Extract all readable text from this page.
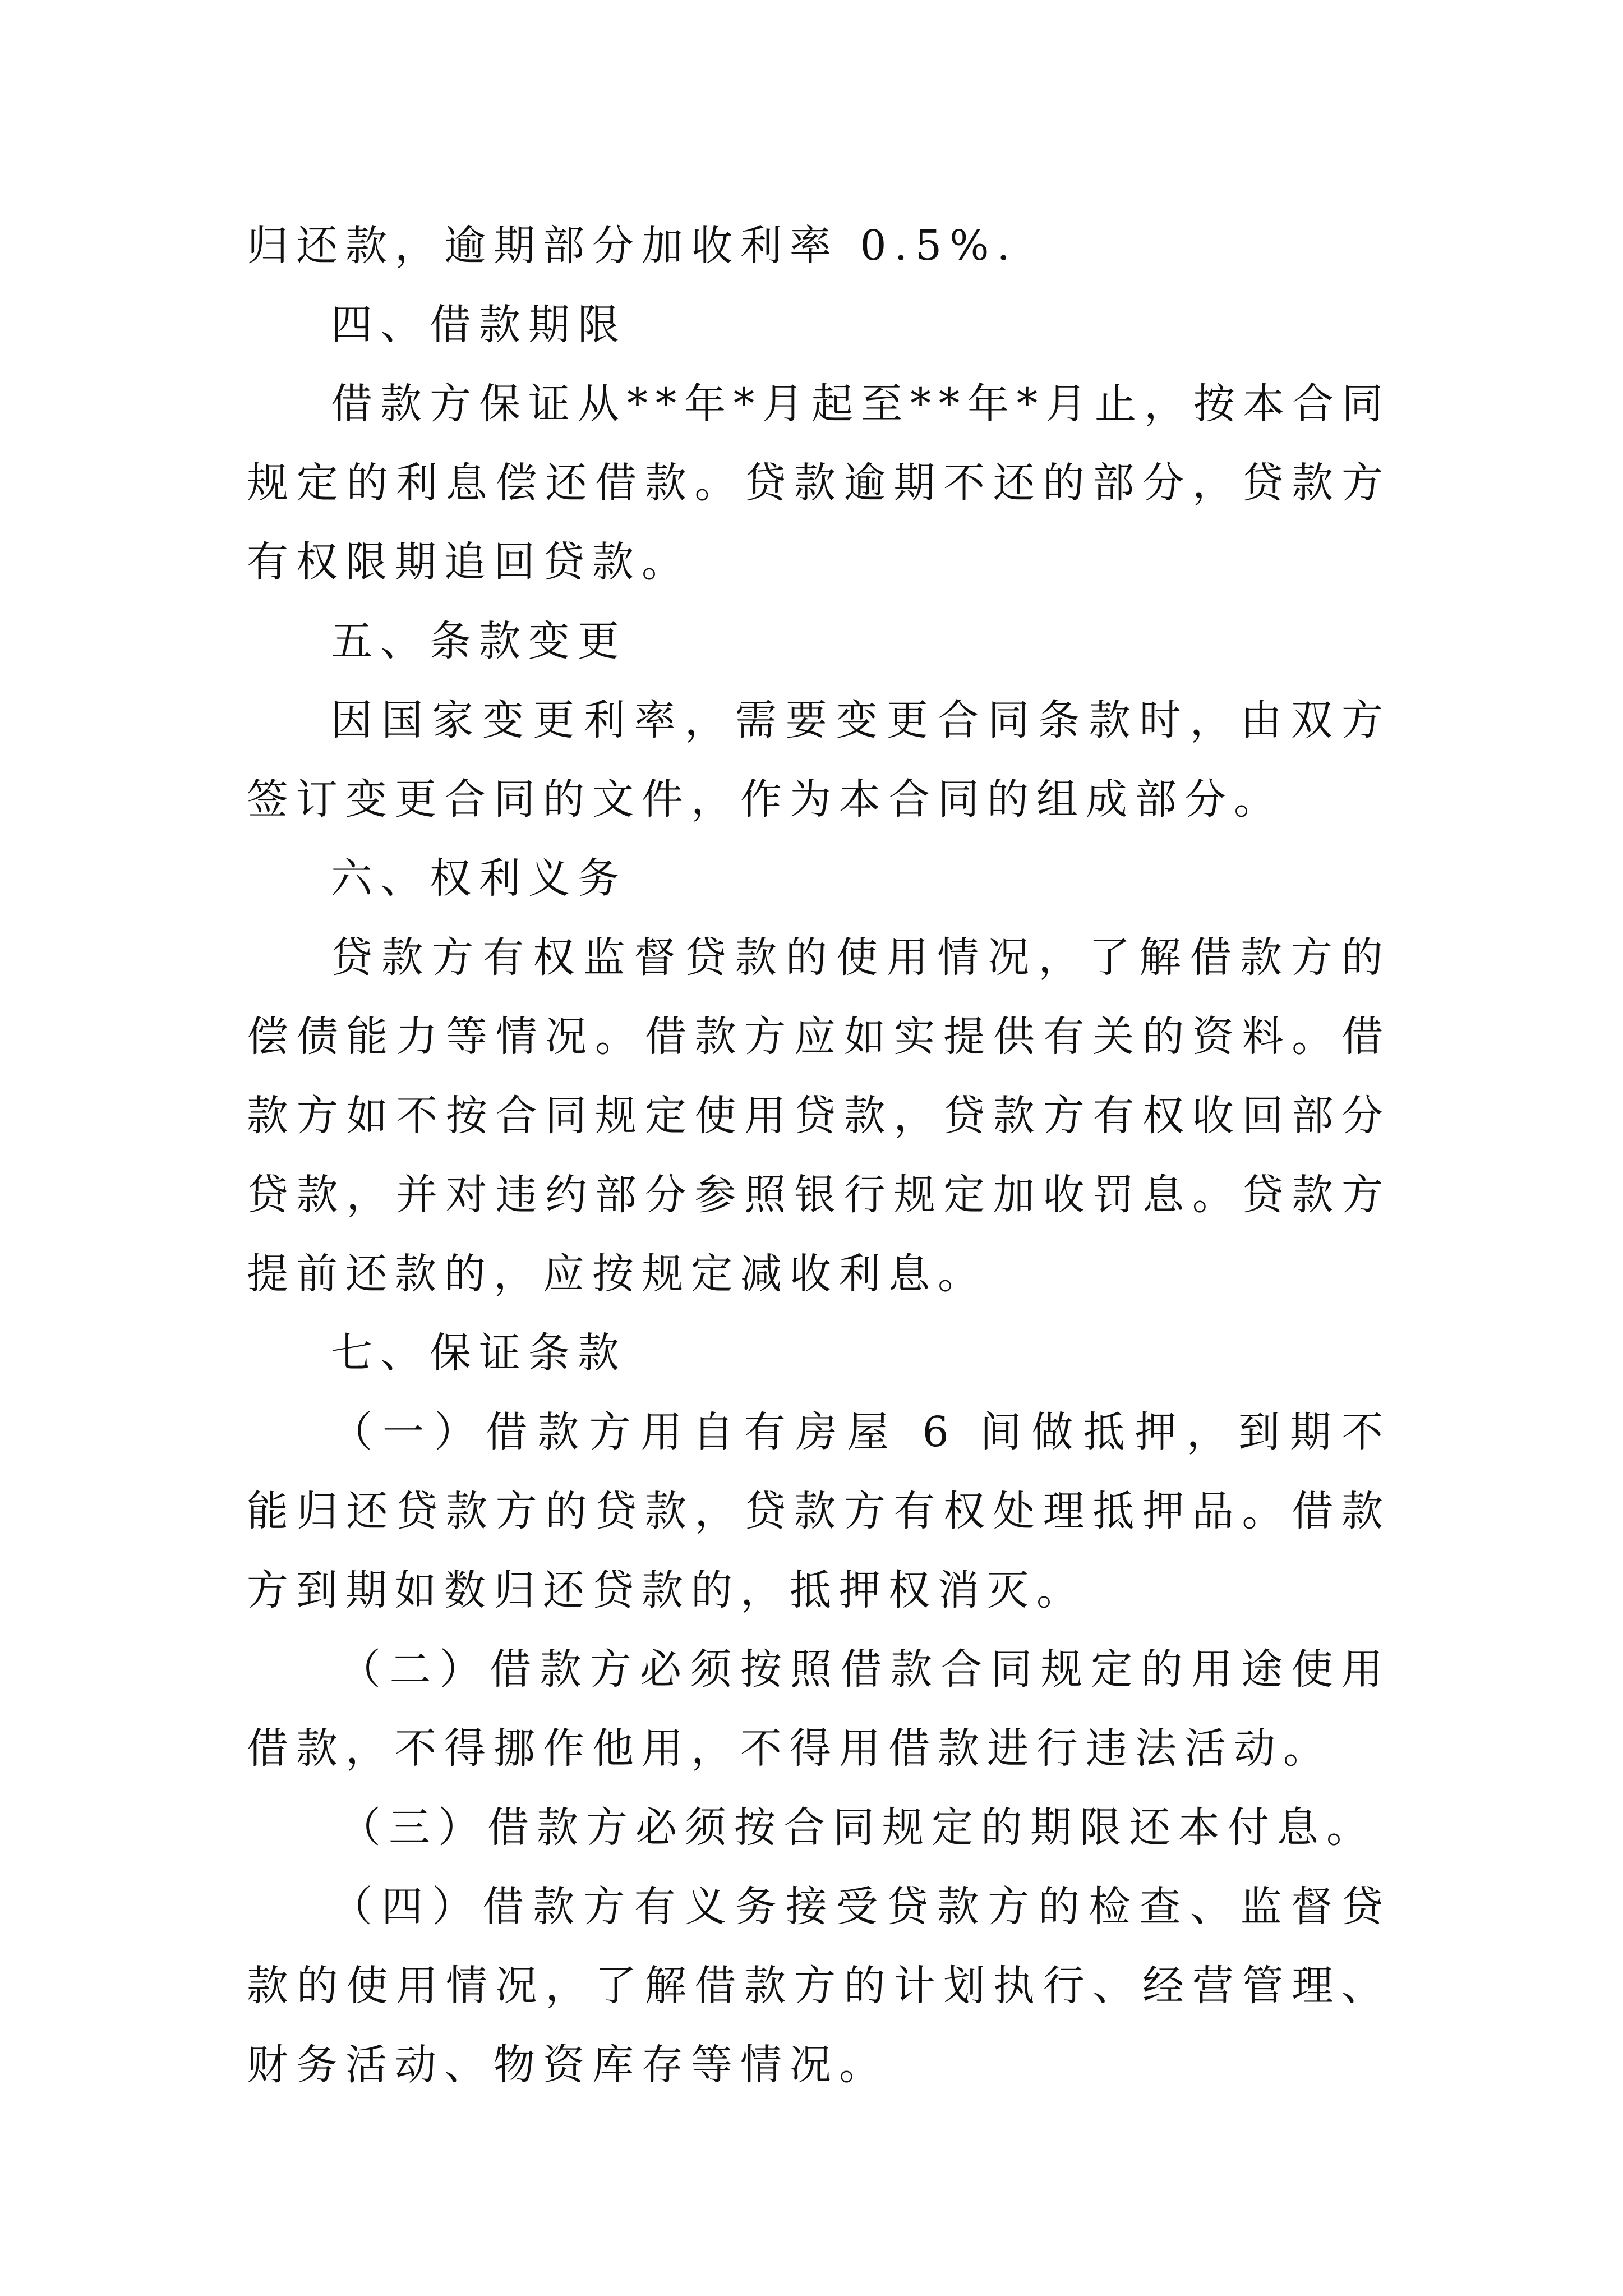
归还款，逾期部分加收利率 0.5%.

四、借款期限

借款方保证从**年*月起至**年*月止，按本合同规定的利息偿还借款。贷款逾期不还的部分，贷款方有权限期追回贷款。

五、条款变更

因国家变更利率，需要变更合同条款时，由双方签订变更合同的文件，作为本合同的组成部分。

六、权利义务

贷款方有权监督贷款的使用情况，了解借款方的偿债能力等情况。借款方应如实提供有关的资料。借款方如不按合同规定使用贷款，贷款方有权收回部分贷款，并对违约部分参照银行规定加收罚息。贷款方提前还款的，应按规定减收利息。

七、保证条款

（一）借款方用自有房屋 6 间做抵押，到期不能归还贷款方的贷款，贷款方有权处理抵押品。借款方到期如数归还贷款的，抵押权消灭。

（二）借款方必须按照借款合同规定的用途使用借款，不得挪作他用，不得用借款进行违法活动。

（三）借款方必须按合同规定的期限还本付息。

（四）借款方有义务接受贷款方的检查、监督贷款的使用情况，了解借款方的计划执行、经营管理、财务活动、物资库存等情况。
